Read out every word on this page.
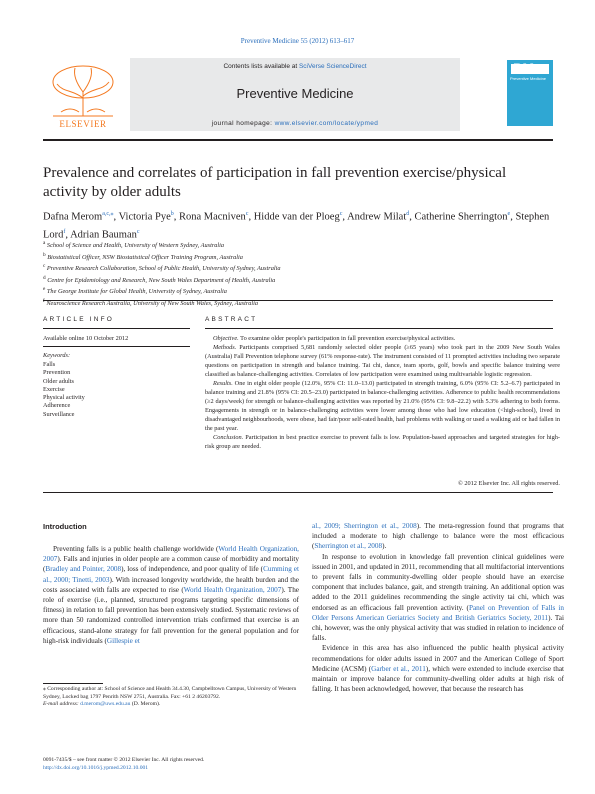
Preventive Medicine 55 (2012) 613–617
ELSEVIER
Contents lists available at SciVerse ScienceDirect
Preventive Medicine
journal homepage: www.elsevier.com/locate/ypmed
PM
Preventive Medicine
Prevalence and correlates of participation in fall prevention exercise/physical activity by older adults
Dafna Merom$^{a,c,⁎}$, Victoria Pye$^b$, Rona Macniven$^c$, Hidde van der Ploeg$^c$, Andrew Milat$^d$, Catherine Sherrington$^e$, Stephen Lord$^f$, Adrian Bauman$^c$
$^a$ School of Science and Health, University of Western Sydney, Australia
$^b$ Biostatistical Officer, NSW Biostatistical Officer Training Program, Australia
$^c$ Preventive Research Collaboration, School of Public Health, University of Sydney, Australia
$^d$ Centre for Epidemiology and Research, New South Wales Department of Health, Australia
$^e$ The George Institute for Global Health, University of Sydney, Australia
$^f$ Neuroscience Research Australia, University of New South Wales, Sydney, Australia
ARTICLE INFO
Available online 10 October 2012
Keywords:
Falls
Prevention
Older adults
Exercise
Physical activity
Adherence
Surveillance
ABSTRACT

Objective. To examine older people's participation in fall prevention exercise/physical activities.

Methods. Participants comprised 5,681 randomly selected older people (≥65 years) who took part in the 2009 New South Wales (Australia) Fall Prevention telephone survey (61% response-rate). The instrument consisted of 11 prompted activities including two separate questions on participation in strength and balance training. Tai chi, dance, team sports, golf, bowls and specific balance training were classified as balance-challenging activities. Correlates of low participation were examined using multivariable logistic regression.

Results. One in eight older people (12.0%, 95% CI: 11.0–13.0) participated in strength training, 6.0% (95% CI: 5.2–6.7) participated in balance training and 21.8% (95% CI: 20.5–23.0) participated in balance-challenging activities. Adherence to public health recommendations (≥2 days/week) for strength or balance-challenging activities was reported by 21.0% (95% CI: 9.8–22.2) with 5.3% adhering to both forms. Engagements in strength or in balance-challenging activities were lower among those who had low education (<high-school), lived in disadvantaged neighbourhoods, were obese, had fair/poor self-rated health, had problems with walking or used a walking aid or had fallen in the past year.

Conclusion. Participation in best practice exercise to prevent falls is low. Population-based approaches and targeted strategies for high-risk group are needed.

© 2012 Elsevier Inc. All rights reserved.
Introduction

Preventing falls is a public health challenge worldwide (World Health Organization, 2007). Falls and injuries in older people are a common cause of morbidity and mortality (Bradley and Pointer, 2008), loss of independence, and poor quality of life (Cumming et al., 2000; Tinetti, 2003). With increased longevity worldwide, the health burden and the costs associated with falls are expected to rise (World Health Organization, 2007). The role of exercise (i.e., planned, structured programs targeting specific dimensions of fitness) in relation to fall prevention has been extensively studied. Systematic reviews of more than 50 randomized controlled intervention trials confirmed that exercise is an efficacious, stand-alone strategy for fall prevention for the general population and for high-risk individuals (Gillespie et

al., 2009; Sherrington et al., 2008). The meta-regression found that programs that included a moderate to high challenge to balance were the most efficacious (Sherrington et al., 2008).

In response to evolution in knowledge fall prevention clinical guidelines were issued in 2001, and updated in 2011, recommending that all multifactorial interventions to prevent falls in community-dwelling older people should have an exercise component that includes balance, gait, and strength training. An additional option was added to the 2011 guidelines recommending the single activity tai chi, which was endorsed as an efficacious fall prevention activity. (Panel on Prevention of Falls in Older Persons American Geriatrics Society and British Geriatrics Society, 2011). Tai chi, however, was the only physical activity that was studied in relation to incidence of falls.

Evidence in this area has also influenced the public health physical activity recommendations for older adults issued in 2007 and the American College of Sport Medicine (ACSM) (Garber et al., 2011), which were extended to include exercise that maintain or improve balance for community-dwelling older adults at high risk of falling. It has been acknowledged, however, that because the research has

⁎ Corresponding author at: School of Science and Health 34.4.30, Campbelltown Campus, University of Western Sydney, Locked bag 1797 Penrith NSW 2751, Australia. Fax: +61 2 46203792.
E-mail address: d.merom@uws.edu.au (D. Merom).
0091-7435/$ – see front matter © 2012 Elsevier Inc. All rights reserved.
http://dx.doi.org/10.1016/j.ypmed.2012.10.001
